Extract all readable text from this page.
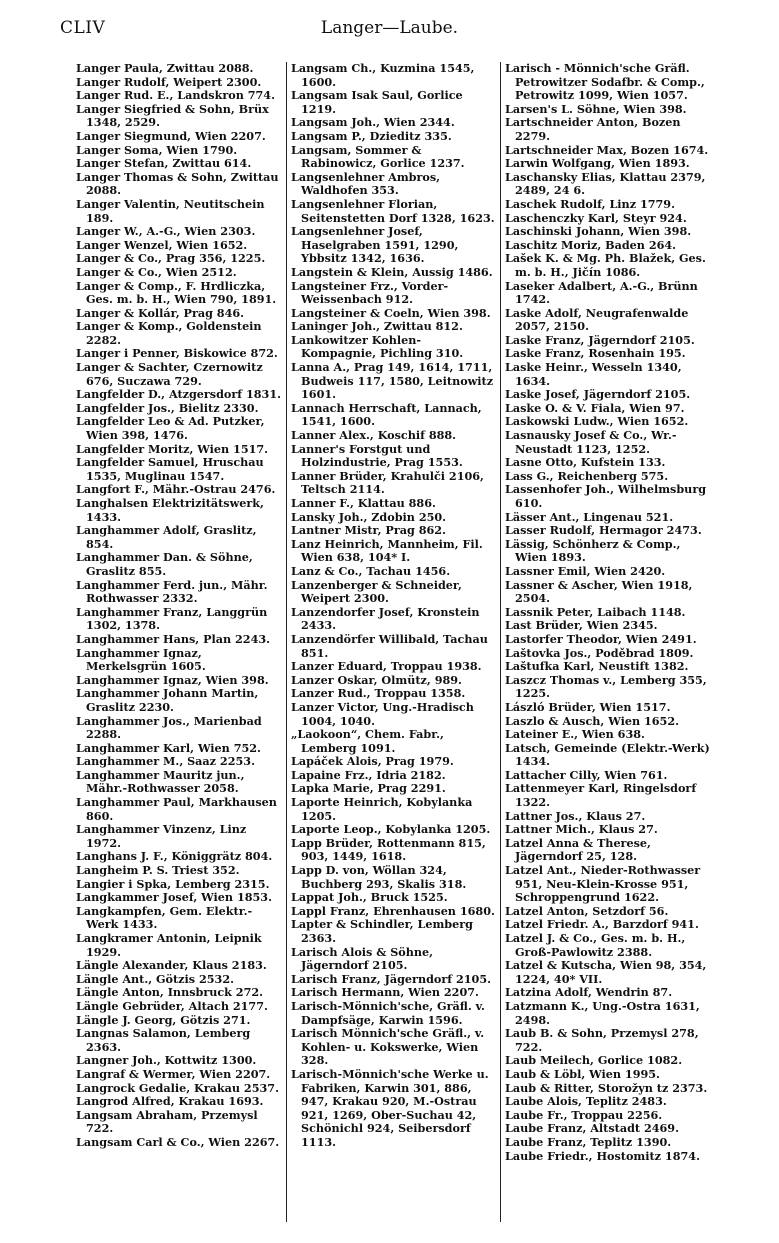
CLIV	Langer—Laube.

Langer Paula, Zwittau 2088.

Langer Rudolf, Weipert 2300.

Langer Rud. E., Landskron 774.

Langer Siegfried & Sohn, Brüx 1348, 2529.

Langer Siegmund, Wien 2207.

Langer Soma, Wien 1790.

Langer Stefan, Zwittau 614.

Langer Thomas & Sohn, Zwittau 2088.

Langer Valentin, Neutitschein 189.

Langer W., A.-G., Wien 2303.

Langer Wenzel, Wien 1652.

Langer & Co., Prag 356, 1225.

Langer & Co., Wien 2512.

Langer & Comp., F. Hrdliczka, Ges. m. b. H., Wien 790, 1891.

Langer & Kollár, Prag 846.

Langer & Komp., Goldenstein 2282.

Langer i Penner, Biskowice 872.

Langer & Sachter, Czernowitz 676, Suczawa 729.

Langfelder D., Atzgersdorf 1831.

Langfelder Jos., Bielitz 2330.

Langfelder Leo & Ad. Putzker, Wien 398, 1476.

Langfelder Moritz, Wien 1517.

Langfelder Samuel, Hruschau 1535, Muglinau 1547.

Langfort F., Mähr.-Ostrau 2476.

Langhalsen Elektrizitätswerk, 1433.

Langhammer Adolf, Graslitz, 854.

Langhammer Dan. & Söhne, Graslitz 855.

Langhammer Ferd. jun., Mähr. Rothwasser 2332.

Langhammer Franz, Langgrün 1302, 1378.

Langhammer Hans, Plan 2243.

Langhammer Ignaz, Merkelsgrün 1605.

Langhammer Ignaz, Wien 398.

Langhammer Johann Martin, Graslitz 2230.

Langhammer Jos., Marienbad 2288.

Langhammer Karl, Wien 752.

Langhammer M., Saaz 2253.

Langhammer Mauritz jun., Mähr.-Rothwasser 2058.

Langhammer Paul, Markhausen 860.

Langhammer Vinzenz, Linz 1972.

Langhans J. F., Königgrätz 804.

Langheim P. S. Triest 352.

Langier i Spka, Lemberg 2315.

Langkammer Josef, Wien 1853.

Langkampfen, Gem. Elektr.-Werk 1433.

Langkramer Antonin, Leipnik 1929.

Längle Alexander, Klaus 2183.

Längle Ant., Götzis 2532.

Längle Anton, Innsbruck 272.

Längle Gebrüder, Altach 2177.

Längle J. Georg, Götzis 271.

Langnas Salamon, Lemberg 2363.

Langner Joh., Kottwitz 1300.

Langraf & Wermer, Wien 2207.

Langrock Gedalie, Krakau 2537.

Langrod Alfred, Krakau 1693.

Langsam Abraham, Przemysl 722.

Langsam Carl & Co., Wien 2267.

Langsam Ch., Kuzmina 1545, 1600.

Langsam Isak Saul, Gorlice 1219.

Langsam Joh., Wien 2344.

Langsam P., Dzieditz 335.

Langsam, Sommer & Rabinowicz, Gorlice 1237.

Langsenlehner Ambros, Waldhofen 353.

Langsenlehner Florian, Seitenstetten Dorf 1328, 1623.

Langsenlehner Josef, Haselgraben 1591, 1290, Ybbsitz 1342, 1636.

Langstein & Klein, Aussig 1486.

Langsteiner Frz., Vorder-Weissenbach 912.

Langsteiner & Coeln, Wien 398.

Laninger Joh., Zwittau 812.

Lankowitzer Kohlen-Kompagnie, Pichling 310.

Lanna A., Prag 149, 1614, 1711, Budweis 117, 1580, Leitnowitz 1601.

Lannach Herrschaft, Lannach, 1541, 1600.

Lanner Alex., Koschif 888.

Lanner's Forstgut und Holzindustrie, Prag 1553.

Lanner Brüder, Krahulči 2106, Teltsch 2114.

Lanner F., Klattau 886.

Lansky Joh., Zdobin 250.

Lantner Mistr, Prag 862.

Lanz Heinrich, Mannheim, Fil. Wien 638, 104* I.

Lanz & Co., Tachau 1456.

Lanzenberger & Schneider, Weipert 2300.

Lanzendorfer Josef, Kronstein 2433.

Lanzendörfer Willibald, Tachau 851.

Lanzer Eduard, Troppau 1938.

Lanzer Oskar, Olmütz, 989.

Lanzer Rud., Troppau 1358.

Lanzer Victor, Ung.-Hradisch 1004, 1040.

„Laokoon“, Chem. Fabr., Lemberg 1091.

Lapáček Alois, Prag 1979.

Lapaine Frz., Idria 2182.

Lapka Marie, Prag 2291.

Laporte Heinrich, Kobylanka 1205.

Laporte Leop., Kobylanka 1205.

Lapp Brüder, Rottenmann 815, 903, 1449, 1618.

Lapp D. von, Wöllan 324, Buchberg 293, Skalis 318.

Lappat Joh., Bruck 1525.

Lappl Franz, Ehrenhausen 1680.

Lapter & Schindler, Lemberg 2363.

Larisch Alois & Söhne, Jägerndorf 2105.

Larisch Franz, Jägerndorf 2105.

Larisch Hermann, Wien 2207.

Larisch-Mönnich'sche, Gräfl. v. Dampfsäge, Karwin 1596.

Larisch Mönnich'sche Gräfl., v. Kohlen- u. Kokswerke, Wien 328.

Larisch-Mönnich'sche Werke u. Fabriken, Karwin 301, 886, 947, Krakau 920, M.-Ostrau 921, 1269, Ober-Suchau 42, Schönichl 924, Seibersdorf 1113.

Larisch - Mönnich'sche Gräfl. Petrowitzer Sodafbr. & Comp., Petrowitz 1099, Wien 1057.

Larsen's L. Söhne, Wien 398.

Lartschneider Anton, Bozen 2279.

Lartschneider Max, Bozen 1674.

Larwin Wolfgang, Wien 1893.

Laschansky Elias, Klattau 2379, 2489, 24 6.

Laschek Rudolf, Linz 1779.

Laschenczky Karl, Steyr 924.

Laschinski Johann, Wien 398.

Laschitz Moriz, Baden 264.

Lašek K. & Mg. Ph. Blažek, Ges. m. b. H., Jičín 1086.

Laseker Adalbert, A.-G., Brünn 1742.

Laske Adolf, Neugrafenwalde 2057, 2150.

Laske Franz, Jägerndorf 2105.

Laske Franz, Rosenhain 195.

Laske Heinr., Wesseln 1340, 1634.

Laske Josef, Jägerndorf 2105.

Laske O. & V. Fiala, Wien 97.

Laskowski Ludw., Wien 1652.

Lasnausky Josef & Co., Wr.-Neustadt 1123, 1252.

Lasne Otto, Kufstein 133.

Lass G., Reichenberg 575.

Lassenhofer Joh., Wilhelmsburg 610.

Lässer Ant., Lingenau 521.

Lasser Rudolf, Hermagor 2473.

Lässig, Schönherz & Comp., Wien 1893.

Lassner Emil, Wien 2420.

Lassner & Ascher, Wien 1918, 2504.

Lassnik Peter, Laibach 1148.

Last Brüder, Wien 2345.

Lastorfer Theodor, Wien 2491.

Laštovka Jos., Poděbrad 1809.

Laštufka Karl, Neustift 1382.

Laszcz Thomas v., Lemberg 355, 1225.

László Brüder, Wien 1517.

Laszlo & Ausch, Wien 1652.

Lateiner E., Wien 638.

Latsch, Gemeinde (Elektr.-Werk) 1434.

Lattacher Cilly, Wien 761.

Lattenmeyer Karl, Ringelsdorf 1322.

Lattner Jos., Klaus 27.

Lattner Mich., Klaus 27.

Latzel Anna & Therese, Jägerndorf 25, 128.

Latzel Ant., Nieder-Rothwasser 951, Neu-Klein-Krosse 951, Schroppengrund 1622.

Latzel Anton, Setzdorf 56.

Latzel Friedr. A., Barzdorf 941.

Latzel J. & Co., Ges. m. b. H., Groß-Pawlowitz 2388.

Latzel & Kutscha, Wien 98, 354, 1224, 40* VII.

Latzina Adolf, Wendrin 87.

Latzmann K., Ung.-Ostra 1631, 2498.

Laub B. & Sohn, Przemysl 278, 722.

Laub Meilech, Gorlice 1082.

Laub & Löbl, Wien 1995.

Laub & Ritter, Storožyn tz 2373.

Laube Alois, Teplitz 2483.

Laube Fr., Troppau 2256.

Laube Franz, Altstadt 2469.

Laube Franz, Teplitz 1390.

Laube Friedr., Hostomitz 1874.
